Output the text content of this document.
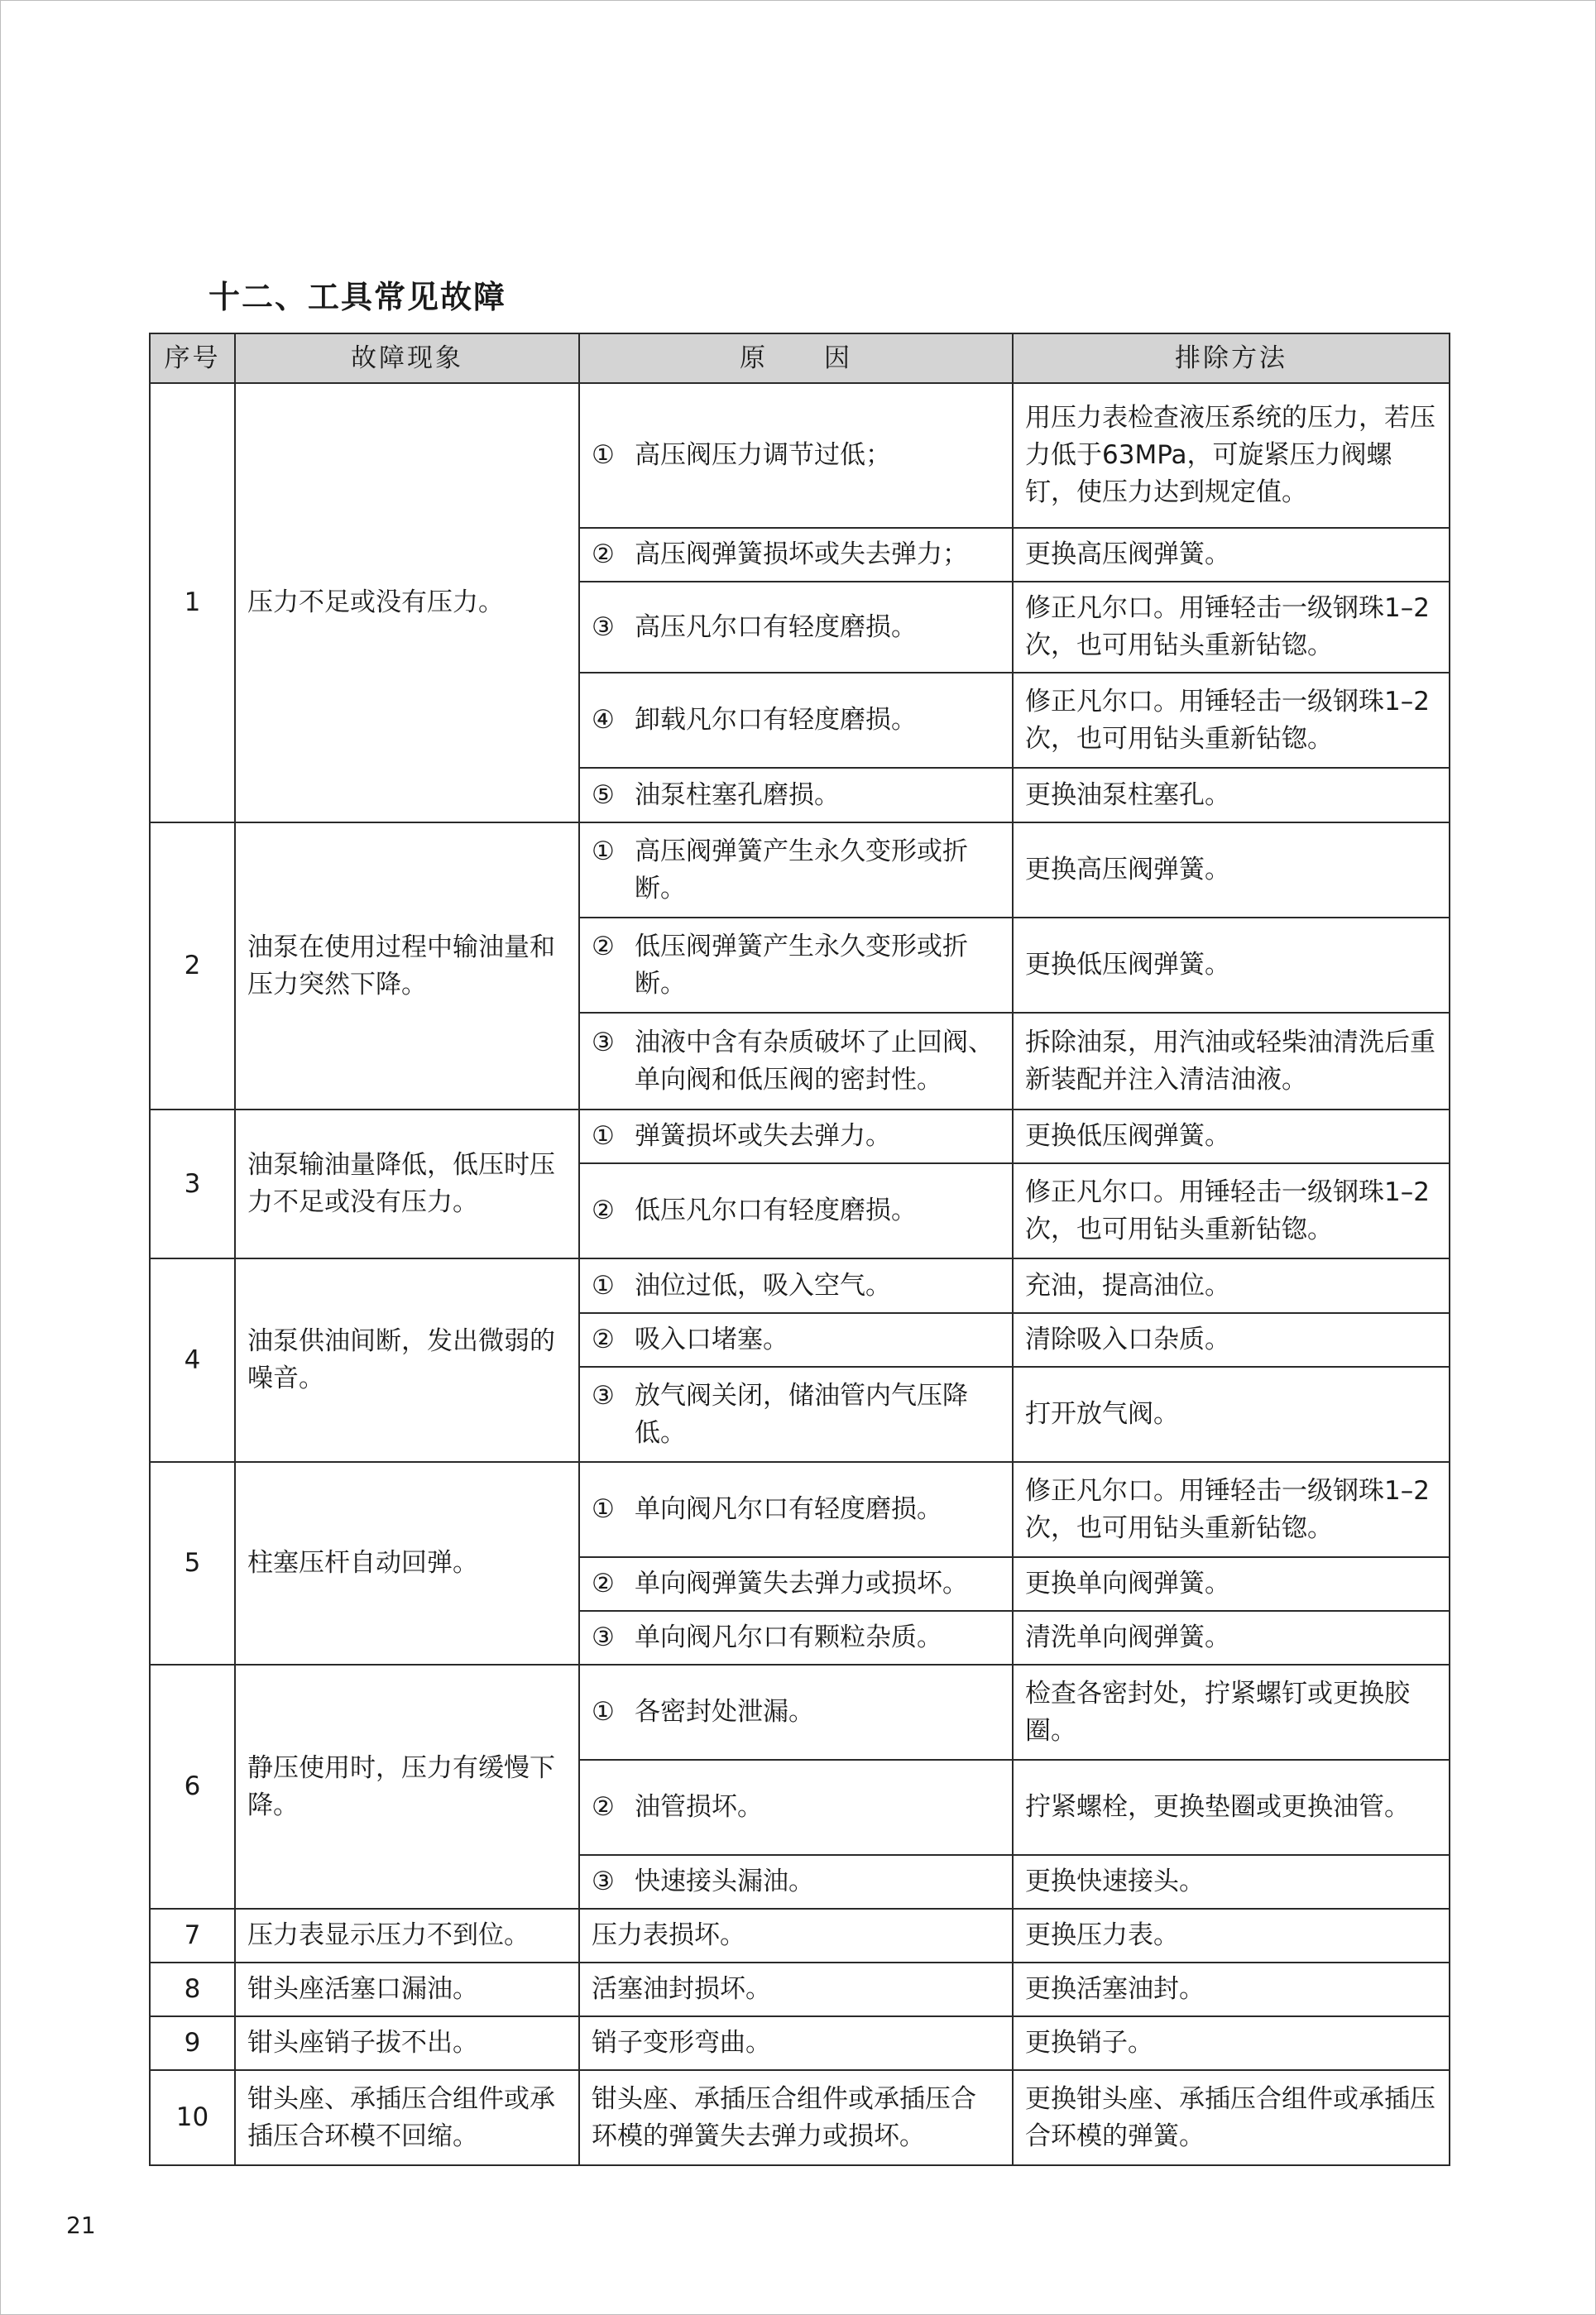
十二、工具常见故障
序号	故障现象	原　　因	排除方法
1	压力不足或没有压力。	① 高压阀压力调节过低；	用压力表检查液压系统的压力，若压力低于63MPa，可旋紧压力阀螺钉，使压力达到规定值。

		② 高压阀弹簧损坏或失去弹力；	更换高压阀弹簧。

		③ 高压凡尔口有轻度磨损。	修正凡尔口。用锤轻击一级钢珠1–2次，也可用钻头重新钻锪。

		④ 卸载凡尔口有轻度磨损。	修正凡尔口。用锤轻击一级钢珠1–2次，也可用钻头重新钻锪。

		⑤ 油泵柱塞孔磨损。	更换油泵柱塞孔。
2	油泵在使用过程中输油量和压力突然下降。	① 高压阀弹簧产生永久变形或折断。	更换高压阀弹簧。

		② 低压阀弹簧产生永久变形或折断。	更换低压阀弹簧。

		③ 油液中含有杂质破坏了止回阀、单向阀和低压阀的密封性。	拆除油泵，用汽油或轻柴油清洗后重新装配并注入清洁油液。
3	油泵输油量降低，低压时压力不足或没有压力。	① 弹簧损坏或失去弹力。	更换低压阀弹簧。

		② 低压凡尔口有轻度磨损。	修正凡尔口。用锤轻击一级钢珠1–2次，也可用钻头重新钻锪。
4	油泵供油间断，发出微弱的噪音。	① 油位过低，吸入空气。	充油，提高油位。

		② 吸入口堵塞。	清除吸入口杂质。

		③ 放气阀关闭，储油管内气压降低。	打开放气阀。
5	柱塞压杆自动回弹。	① 单向阀凡尔口有轻度磨损。	修正凡尔口。用锤轻击一级钢珠1–2次，也可用钻头重新钻锪。

		② 单向阀弹簧失去弹力或损坏。	更换单向阀弹簧。

		③ 单向阀凡尔口有颗粒杂质。	清洗单向阀弹簧。
6	静压使用时，压力有缓慢下降。	① 各密封处泄漏。	检查各密封处，拧紧螺钉或更换胶圈。

		② 油管损坏。	拧紧螺栓，更换垫圈或更换油管。

		③ 快速接头漏油。	更换快速接头。
7	压力表显示压力不到位。	压力表损坏。	更换压力表。
8	钳头座活塞口漏油。	活塞油封损坏。	更换活塞油封。
9	钳头座销子拔不出。	销子变形弯曲。	更换销子。
10	钳头座、承插压合组件或承插压合环模不回缩。	钳头座、承插压合组件或承插压合环模的弹簧失去弹力或损坏。	更换钳头座、承插压合组件或承插压合环模的弹簧。
21
